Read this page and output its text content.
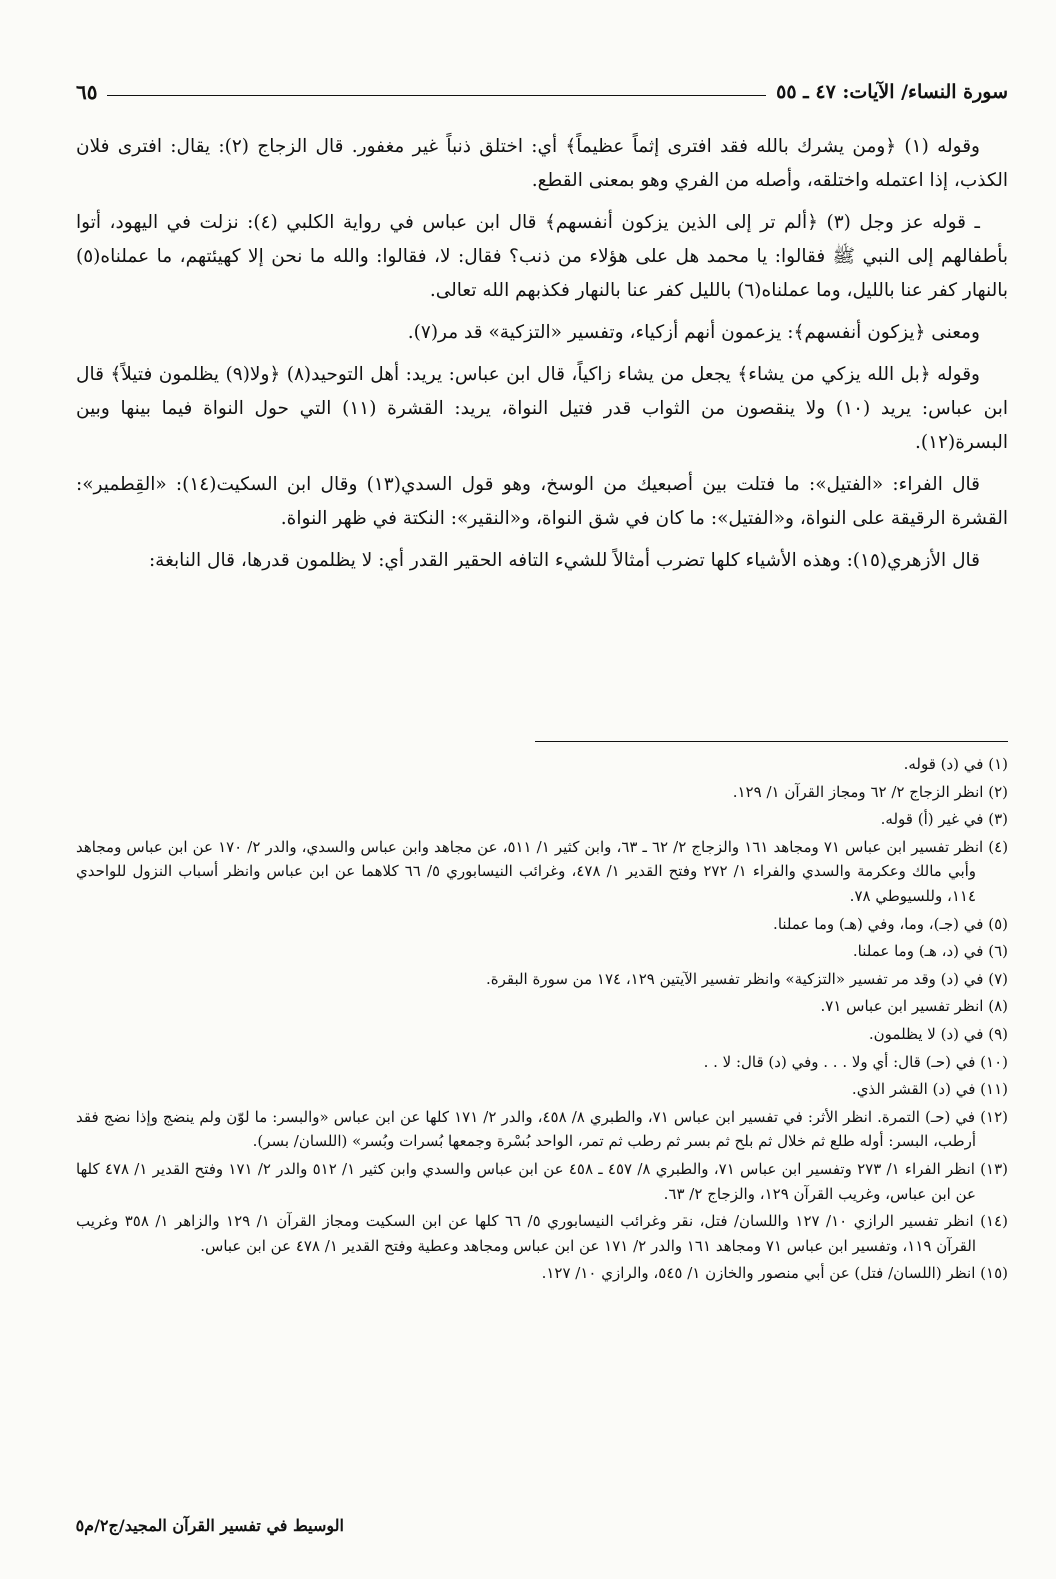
سورة النساء/ الآيات: ٤٧ ـ ٥٥
٦٥

وقوله (١) ﴿ومن يشرك بالله فقد افترى إثماً عظيماً﴾ أي: اختلق ذنباً غير مغفور. قال الزجاج (٢): يقال: افترى فلان الكذب، إذا اعتمله واختلقه، وأصله من الفري وهو بمعنى القطع.

ـ قوله عز وجل (٣) ﴿ألم تر إلى الذين يزكون أنفسهم﴾ قال ابن عباس في رواية الكلبي (٤): نزلت في اليهود، أتوا بأطفالهم إلى النبي ﷺ فقالوا: يا محمد هل على هؤلاء من ذنب؟ فقال: لا، فقالوا: والله ما نحن إلا كهيئتهم، ما عملناه(٥) بالنهار كفر عنا بالليل، وما عملناه(٦) بالليل كفر عنا بالنهار فكذبهم الله تعالى.

ومعنى ﴿يزكون أنفسهم﴾: يزعمون أنهم أزكياء، وتفسير «التزكية» قد مر(٧).

وقوله ﴿بل الله يزكي من يشاء﴾ يجعل من يشاء زاكياً، قال ابن عباس: يريد: أهل التوحيد(٨) ﴿ولا(٩) يظلمون فتيلاً﴾ قال ابن عباس: يريد (١٠) ولا ينقصون من الثواب قدر فتيل النواة، يريد: القشرة (١١) التي حول النواة فيما بينها وبين البسرة(١٢).

قال الفراء: «الفتيل»: ما فتلت بين أصبعيك من الوسخ، وهو قول السدي(١٣) وقال ابن السكيت(١٤): «القِطمير»: القشرة الرقيقة على النواة، و«الفتيل»: ما كان في شق النواة، و«النقير»: النكتة في ظهر النواة.

قال الأزهري(١٥): وهذه الأشياء كلها تضرب أمثالاً للشيء التافه الحقير القدر أي: لا يظلمون قدرها، قال النابغة:

(١) في (د) قوله.

(٢) انظر الزجاج ٢/ ٦٢ ومجاز القرآن ١/ ١٢٩.

(٣) في غير (أ) قوله.

(٤) انظر تفسير ابن عباس ٧١ ومجاهد ١٦١ والزجاج ٢/ ٦٢ ـ ٦٣، وابن كثير ١/ ٥١١، عن مجاهد وابن عباس والسدي، والدر ٢/ ١٧٠ عن ابن عباس ومجاهد وأبي مالك وعكرمة والسدي والفراء ١/ ٢٧٢ وفتح القدير ١/ ٤٧٨، وغرائب النيسابوري ٥/ ٦٦ كلاهما عن ابن عباس وانظر أسباب النزول للواحدي ١١٤، وللسيوطي ٧٨.

(٥) في (جـ)، وما، وفي (هـ) وما عملنا.

(٦) في (د، هـ) وما عملنا.

(٧) في (د) وقد مر تفسير «التزكية» وانظر تفسير الآيتين ١٢٩، ١٧٤ من سورة البقرة.

(٨) انظر تفسير ابن عباس ٧١.

(٩) في (د) لا يظلمون.

(١٠) في (حـ) قال: أي ولا . . . وفي (د) قال: لا . .

(١١) في (د) القشر الذي.

(١٢) في (حـ) التمرة. انظر الأثر: في تفسير ابن عباس ٧١، والطبري ٨/ ٤٥٨، والدر ٢/ ١٧١ كلها عن ابن عباس «والبسر: ما لوّن ولم ينضج وإذا نضج فقد أرطب، البسر: أوله طلع ثم خلال ثم بلح ثم بسر ثم رطب ثم تمر، الواحد بُسْرة وجمعها بُسرات وبُسر» (اللسان/ بسر).

(١٣) انظر الفراء ١/ ٢٧٣ وتفسير ابن عباس ٧١، والطبري ٨/ ٤٥٧ ـ ٤٥٨ عن ابن عباس والسدي وابن كثير ١/ ٥١٢ والدر ٢/ ١٧١ وفتح القدير ١/ ٤٧٨ كلها عن ابن عباس، وغريب القرآن ١٢٩، والزجاج ٢/ ٦٣.

(١٤) انظر تفسير الرازي ١٠/ ١٢٧ واللسان/ فتل، نقر وغرائب النيسابوري ٥/ ٦٦ كلها عن ابن السكيت ومجاز القرآن ١/ ١٢٩ والزاهر ١/ ٣٥٨ وغريب القرآن ١١٩، وتفسير ابن عباس ٧١ ومجاهد ١٦١ والدر ٢/ ١٧١ عن ابن عباس ومجاهد وعطية وفتح القدير ١/ ٤٧٨ عن ابن عباس.

(١٥) انظر (اللسان/ فتل) عن أبي منصور والخازن ١/ ٥٤٥، والرازي ١٠/ ١٢٧.

الوسيط في تفسير القرآن المجيد/ج٢/م٥
